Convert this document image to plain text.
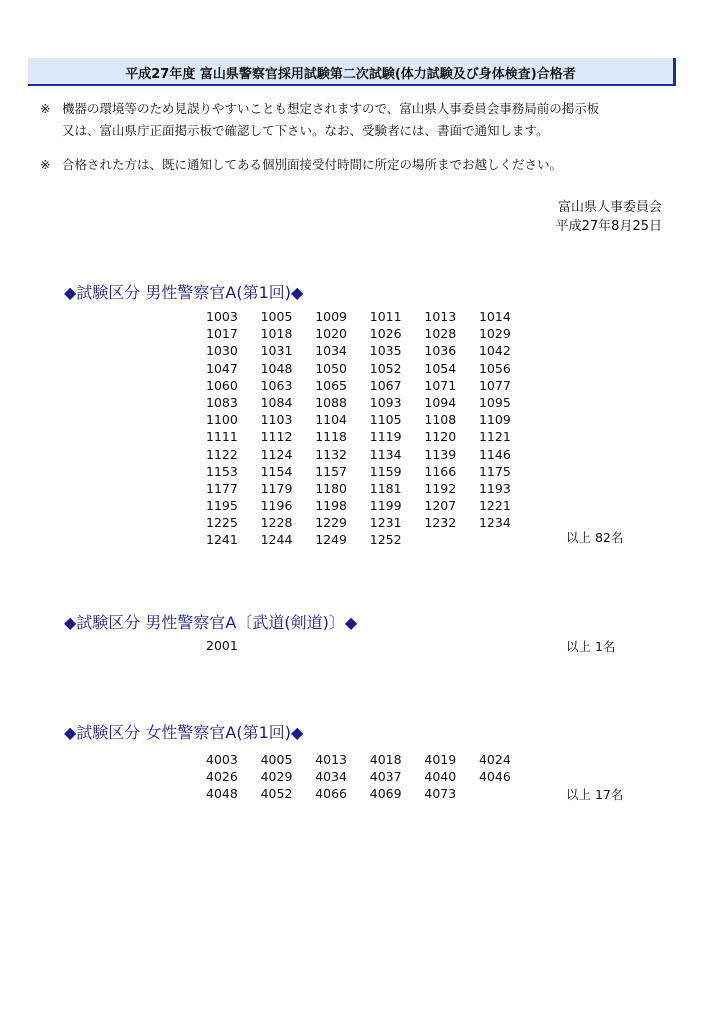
平成27年度 富山県警察官採用試験第二次試験(体力試験及び身体検査)合格者
※ 機器の環境等のため見誤りやすいことも想定されますので、富山県人事委員会事務局前の掲示板
又は、富山県庁正面掲示板で確認して下さい。なお、受験者には、書面で通知します。
※ 合格された方は、既に通知してある個別面接受付時間に所定の場所までお越しください。
富山県人事委員会
平成27年8月25日
◆試験区分 男性警察官A(第1回)◆
1003 1005 1009 1011 1013 1014
1017 1018 1020 1026 1028 1029
1030 1031 1034 1035 1036 1042
1047 1048 1050 1052 1054 1056
1060 1063 1065 1067 1071 1077
1083 1084 1088 1093 1094 1095
1100 1103 1104 1105 1108 1109
1111 1112 1118 1119 1120 1121
1122 1124 1132 1134 1139 1146
1153 1154 1157 1159 1166 1175
1177 1179 1180 1181 1192 1193
1195 1196 1198 1199 1207 1221
1225 1228 1229 1231 1232 1234
1241 1244 1249 1252	以上 82名
◆試験区分 男性警察官A〔武道(剣道)〕◆
2001	以上 1名
◆試験区分 女性警察官A(第1回)◆
4003 4005 4013 4018 4019 4024
4026 4029 4034 4037 4040 4046
4048 4052 4066 4069 4073	以上 17名
